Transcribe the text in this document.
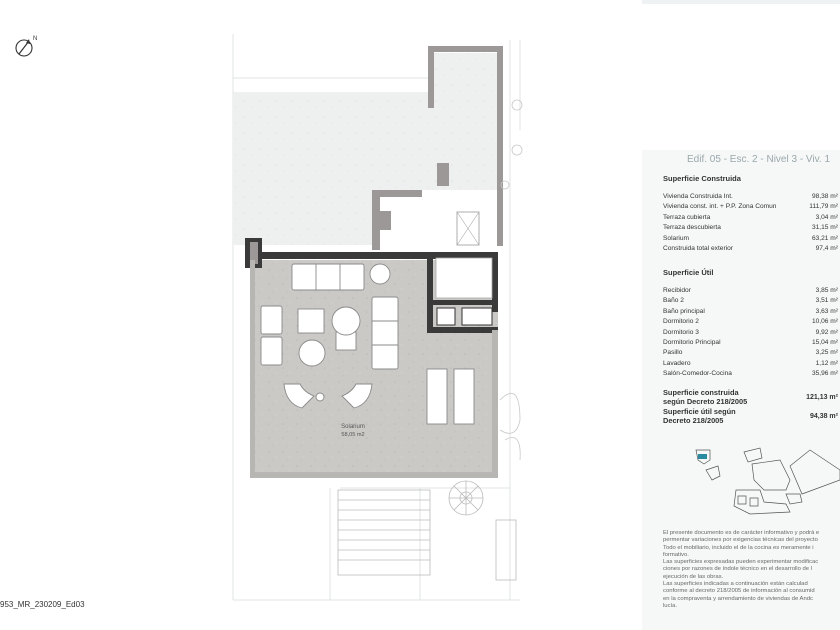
N
Solarium
58,05 m2
953_MR_230209_Ed03
Edif. 05 - Esc. 2 - Nivel 3 - Viv. 1
Superficie Construida
Vivienda Construida Int.	98,38 m²
Vivienda const. int. + P.P. Zona Comun	111,79 m²
Terraza cubierta	3,04 m²
Terraza descubierta	31,15 m²
Solarium	63,21 m²
Construida total exterior	97,4 m²
Superficie Útil
Recibidor	3,85 m²
Baño 2	3,51 m²
Baño principal	3,63 m²
Dormitorio 2	10,06 m²
Dormitorio 3	9,92 m²
Dormitorio Principal	15,04 m²
Pasillo	3,25 m²
Lavadero	1,12 m²
Salón-Comedor-Cocina	35,96 m²
Superficie construida
según Decreto 218/2005	121,13 m²
Superficie útil según
Decreto 218/2005	94,38 m²
El presente documento es de carácter informativo y podrá e
permentar variaciones por exigencias técnicas del proyecto
Todo el mobiliario, incluido el de la cocina es meramente i
formativo.
Las superficies expresadas pueden experimentar modificac
ciones por razones de índole técnico en el desarrollo de l
ejecución de las obras.
Las superficies indicadas a continuación están calculad
conforme al decreto 218/2005 de información al consumid
en la compraventa y arrendamiento de viviendas de Andc
lucía.
